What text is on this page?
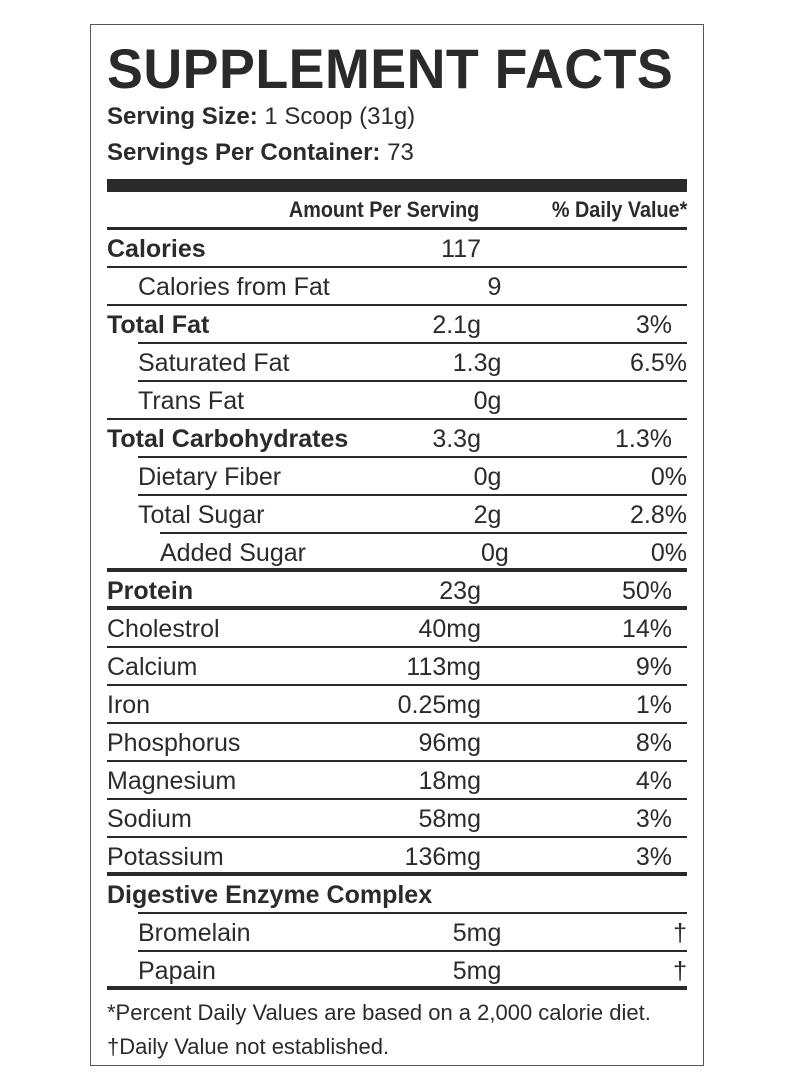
SUPPLEMENT FACTS
Serving Size: 1 Scoop (31g)
Servings Per Container: 73
Amount Per Serving	% Daily Value*
Calories	117
Calories from Fat	9
Total Fat	2.1g	3%
Saturated Fat	1.3g	6.5%
Trans Fat	0g
Total Carbohydrates	3.3g	1.3%
Dietary Fiber	0g	0%
Total Sugar	2g	2.8%
Added Sugar	0g	0%
Protein	23g	50%
Cholestrol	40mg	14%
Calcium	113mg	9%
Iron	0.25mg	1%
Phosphorus	96mg	8%
Magnesium	18mg	4%
Sodium	58mg	3%
Potassium	136mg	3%
Digestive Enzyme Complex
Bromelain	5mg	†
Papain	5mg	†
*Percent Daily Values are based on a 2,000 calorie diet.
†Daily Value not established.
